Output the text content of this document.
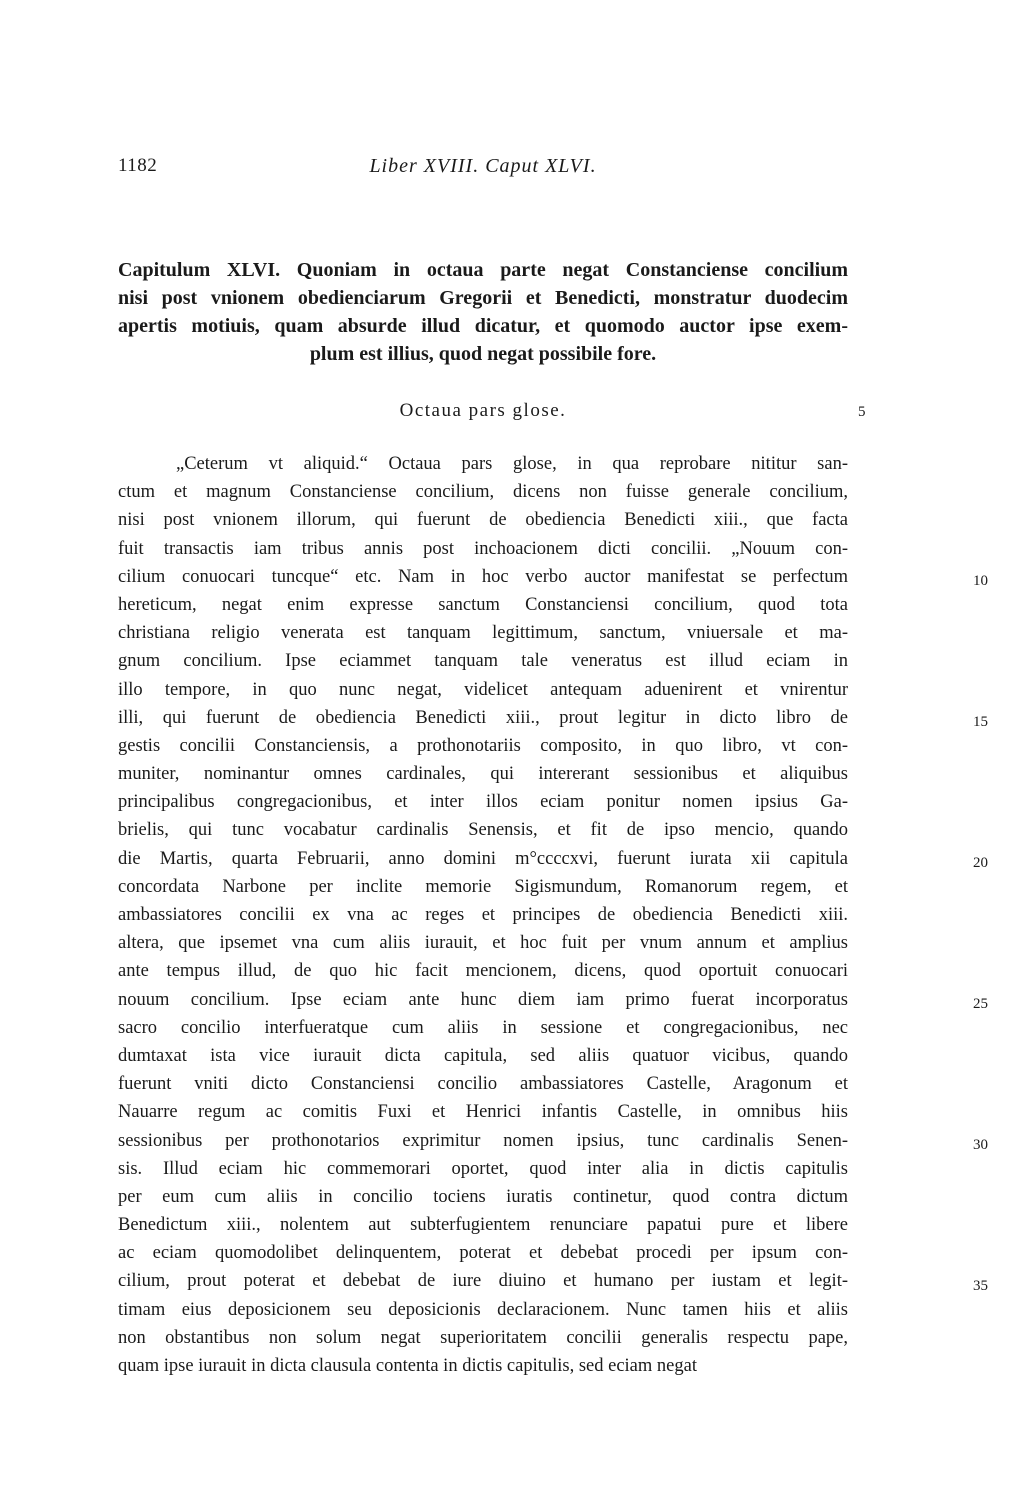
1182	Liber XVIII. Caput XLVI.
Capitulum XLVI. Quoniam in octaua parte negat Constanciense concilium
nisi post vnionem obedienciarum Gregorii et Benedicti, monstratur duodecim
apertis motiuis, quam absurde illud dicatur, et quomodo auctor ipse exem-
plum est illius, quod negat possibile fore.
Octaua pars glose.	5
„Ceterum vt aliquid.“ Octaua pars glose, in qua reprobare nititur san-
ctum et magnum Constanciense concilium, dicens non fuisse generale concilium,
nisi post vnionem illorum, qui fuerunt de obediencia Benedicti xiii., que facta
fuit transactis iam tribus annis post inchoacionem dicti concilii. „Nouum con-
cilium conuocari tuncque“ etc. Nam in hoc verbo auctor manifestat se perfectum
hereticum, negat enim expresse sanctum Constanciensi concilium, quod tota
christiana religio venerata est tanquam legittimum, sanctum, vniuersale et ma-
gnum concilium. Ipse eciammet tanquam tale veneratus est illud eciam in
illo tempore, in quo nunc negat, videlicet antequam aduenirent et vnirentur
illi, qui fuerunt de obediencia Benedicti xiii., prout legitur in dicto libro de
gestis concilii Constanciensis, a prothonotariis composito, in quo libro, vt con-
muniter, nominantur omnes cardinales, qui intererant sessionibus et aliquibus
principalibus congregacionibus, et inter illos eciam ponitur nomen ipsius Ga-
brielis, qui tunc vocabatur cardinalis Senensis, et fit de ipso mencio, quando
die Martis, quarta Februarii, anno domini m°ccccxvi, fuerunt iurata xii capitula
concordata Narbone per inclite memorie Sigismundum, Romanorum regem, et
ambassiatores concilii ex vna ac reges et principes de obediencia Benedicti xiii.
altera, que ipsemet vna cum aliis iurauit, et hoc fuit per vnum annum et amplius
ante tempus illud, de quo hic facit mencionem, dicens, quod oportuit conuocari
nouum concilium. Ipse eciam ante hunc diem iam primo fuerat incorporatus
sacro concilio interfueratque cum aliis in sessione et congregacionibus, nec
dumtaxat ista vice iurauit dicta capitula, sed aliis quatuor vicibus, quando
fuerunt vniti dicto Constanciensi concilio ambassiatores Castelle, Aragonum et
Nauarre regum ac comitis Fuxi et Henrici infantis Castelle, in omnibus hiis
sessionibus per prothonotarios exprimitur nomen ipsius, tunc cardinalis Senen-
sis. Illud eciam hic commemorari oportet, quod inter alia in dictis capitulis
per eum cum aliis in concilio tociens iuratis continetur, quod contra dictum
Benedictum xiii., nolentem aut subterfugientem renunciare papatui pure et libere
ac eciam quomodolibet delinquentem, poterat et debebat procedi per ipsum con-
cilium, prout poterat et debebat de iure diuino et humano per iustam et legit-
timam eius deposicionem seu deposicionis declaracionem. Nunc tamen hiis et aliis
non obstantibus non solum negat superioritatem concilii generalis respectu pape,
quam ipse iurauit in dicta clausula contenta in dictis capitulis, sed eciam negat
10
15
20
25
30
35
